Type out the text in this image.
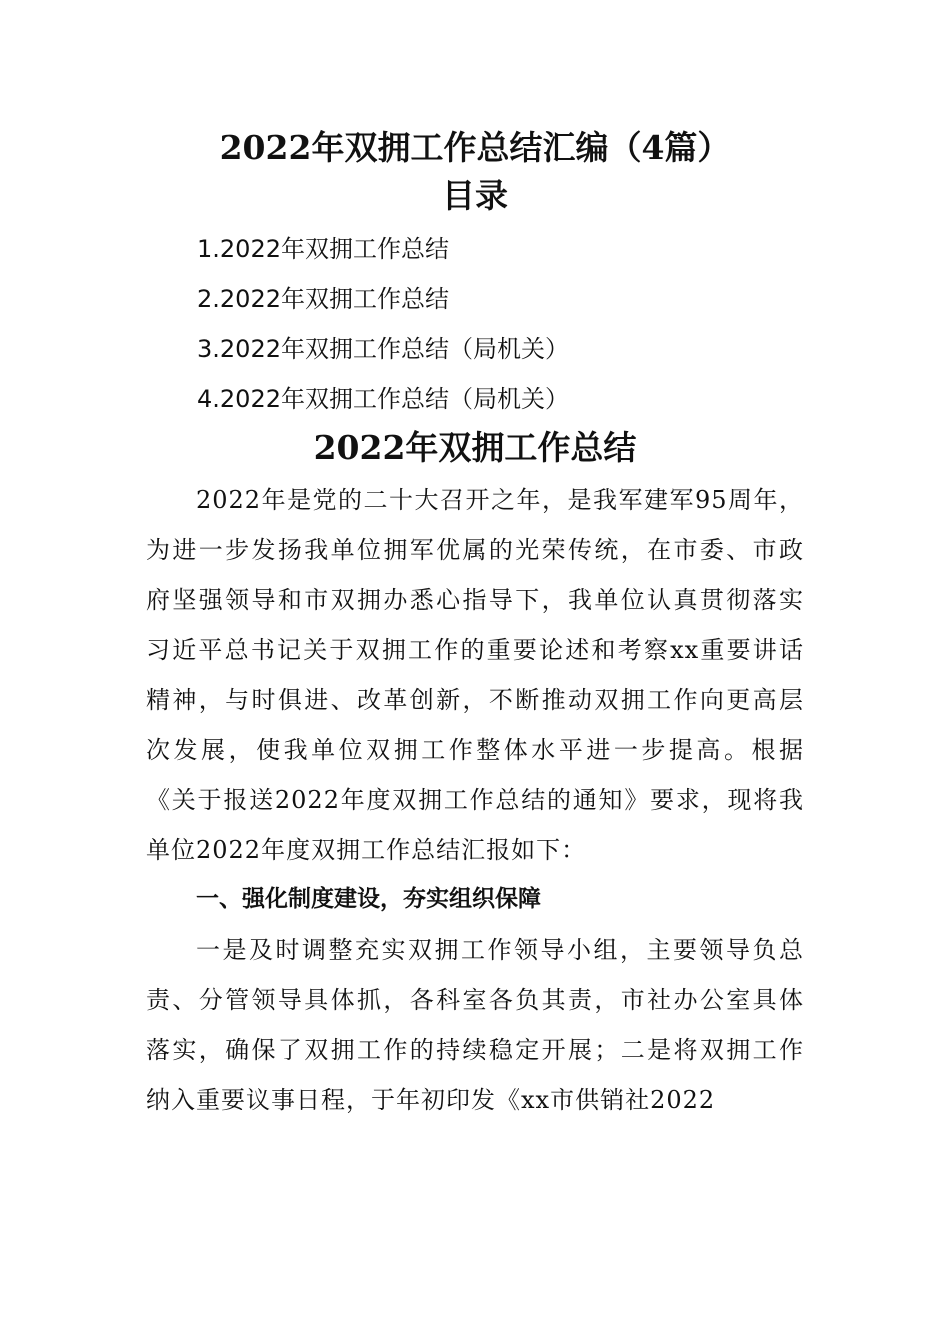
2022年双拥工作总结汇编（4篇）
目录
1.2022年双拥工作总结
2.2022年双拥工作总结
3.2022年双拥工作总结（局机关）
4.2022年双拥工作总结（局机关）
2022年双拥工作总结
2022年是党的二十大召开之年，是我军建军95周年，
为进一步发扬我单位拥军优属的光荣传统，在市委、市政
府坚强领导和市双拥办悉心指导下，我单位认真贯彻落实
习近平总书记关于双拥工作的重要论述和考察xx重要讲话
精神，与时俱进、改革创新，不断推动双拥工作向更高层
次发展，使我单位双拥工作整体水平进一步提高。根据
《关于报送2022年度双拥工作总结的通知》要求，现将我
单位2022年度双拥工作总结汇报如下：
一、强化制度建设，夯实组织保障
一是及时调整充实双拥工作领导小组，主要领导负总
责、分管领导具体抓，各科室各负其责，市社办公室具体
落实，确保了双拥工作的持续稳定开展；二是将双拥工作
纳入重要议事日程，于年初印发《xx市供销社2022
